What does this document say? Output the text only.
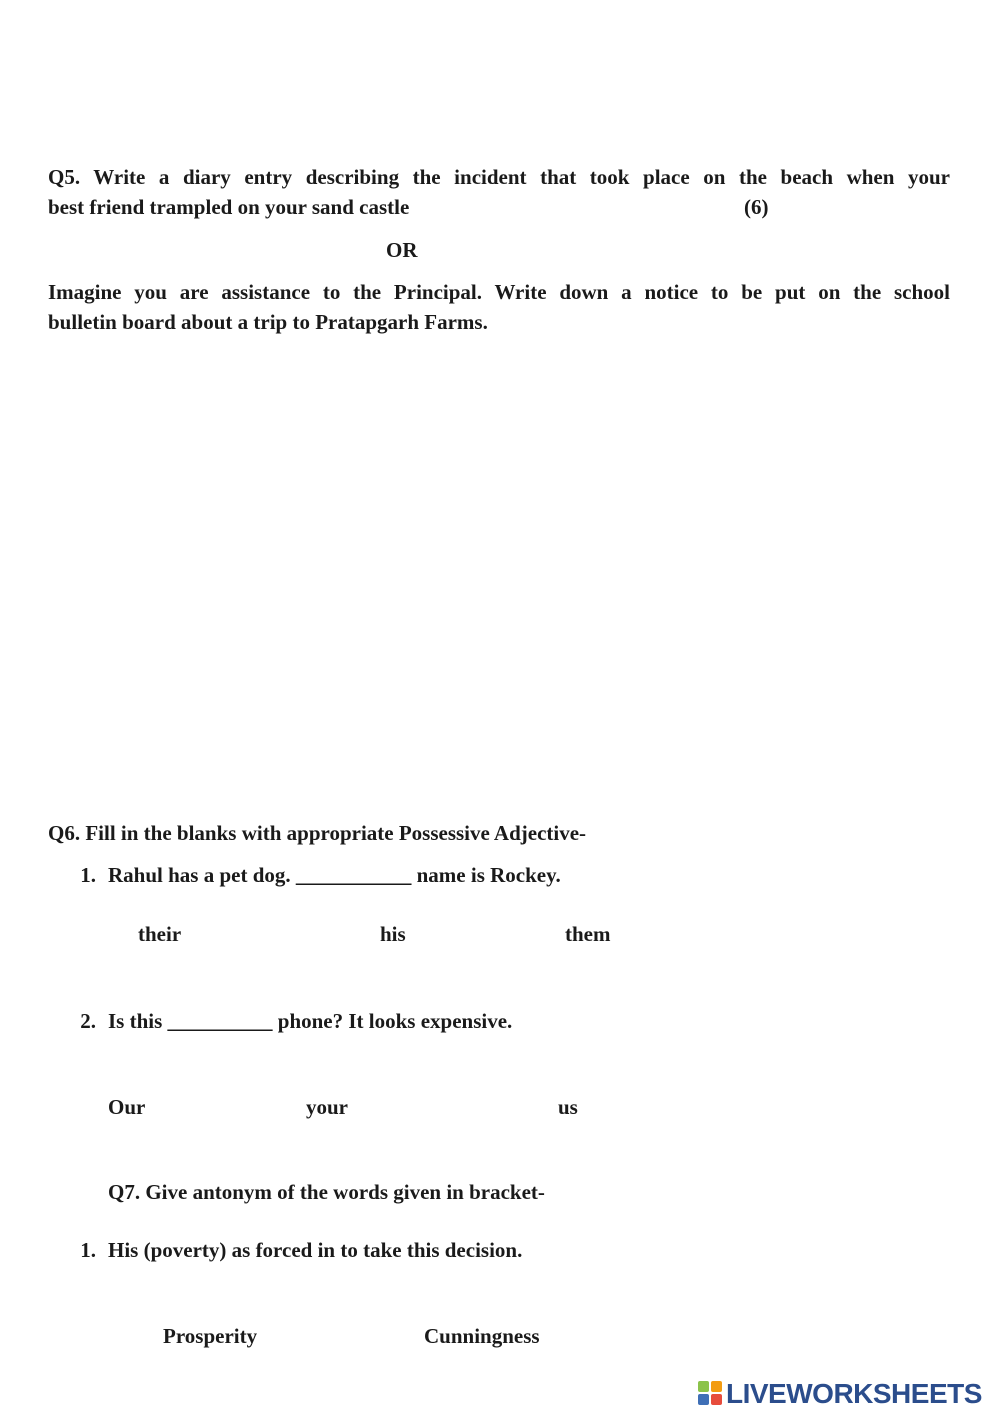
Q5. Write a diary entry describing the incident that took place on the beach when your
best friend trampled on your sand castle	(6)
OR
Imagine you are assistance to the Principal. Write down a notice to be put on the school
bulletin board about a trip to Pratapgarh Farms.
Q6. Fill in the blanks with appropriate Possessive Adjective-
1. Rahul has a pet dog. ___________ name is Rockey.
their	his	them
2. Is this __________ phone? It looks expensive.
Our	your	us
Q7. Give antonym of the words given in bracket-
1. His (poverty) as forced in to take this decision.
Prosperity	Cunningness
LIVEWORKSHEETS
